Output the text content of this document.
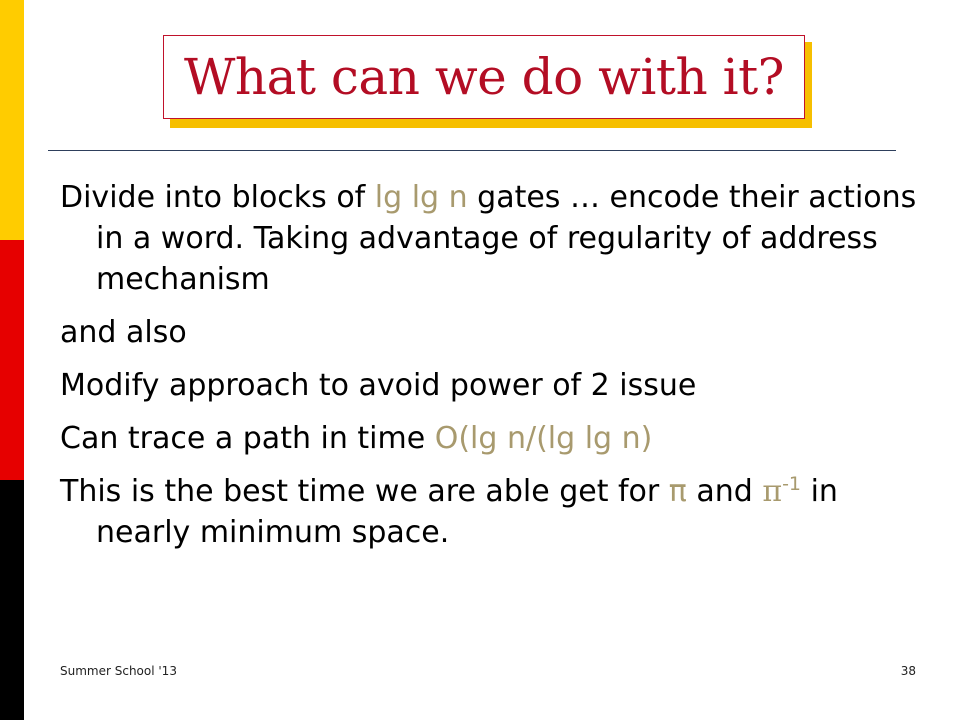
What can we do with it?
Divide into blocks of lg lg n gates … encode their actions in a word. Taking advantage of regularity of address mechanism
and also
Modify approach to avoid power of 2 issue
Can trace a path in time O(lg n/(lg lg n)
This is the best time we are able get for π and $\pi^{-1}$ in nearly minimum space.
Summer School '13	38
